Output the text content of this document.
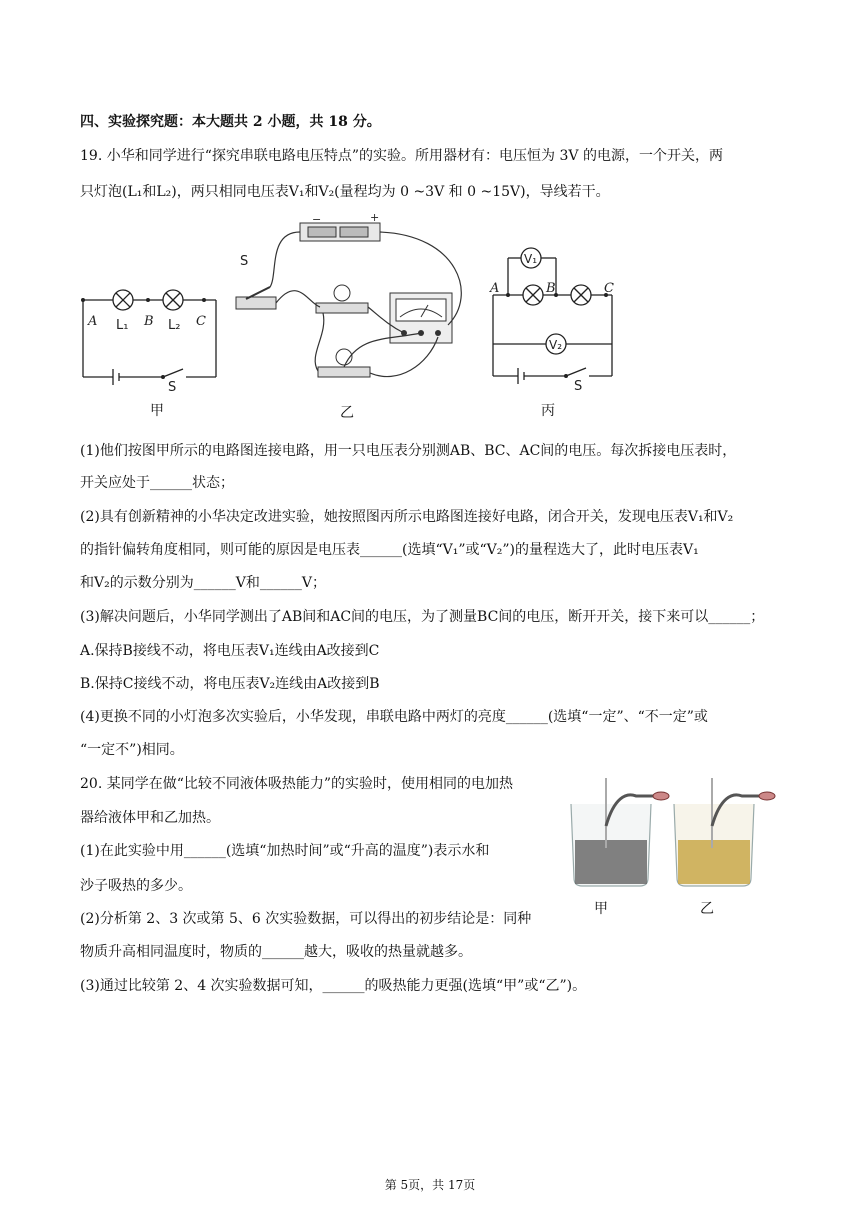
四、实验探究题：本大题共 2 小题，共 18 分。
19. 小华和同学进行“探究串联电路电压特点”的实验。所用器材有：电压恒为 3V 的电源，一个开关，两
只灯泡(L₁和L₂)，两只相同电压表V₁和V₂(量程均为 0 ~3V 和 0 ~15V)，导线若干。
A L₁ B L₂ C
S
甲
−	+
S
乙
V₁
A	B	C
V₂
S
丙
(1)他们按图甲所示的电路图连接电路，用一只电压表分别测AB、BC、AC间的电压。每次拆接电压表时，
开关应处于______状态；
(2)具有创新精神的小华决定改进实验，她按照图丙所示电路图连接好电路，闭合开关，发现电压表V₁和V₂
的指针偏转角度相同，则可能的原因是电压表______(选填“V₁”或“V₂”)的量程选大了，此时电压表V₁
和V₂的示数分别为______V和______V；
(3)解决问题后，小华同学测出了AB间和AC间的电压，为了测量BC间的电压，断开开关，接下来可以______；
A.保持B接线不动，将电压表V₁连线由A改接到C
B.保持C接线不动，将电压表V₂连线由A改接到B
(4)更换不同的小灯泡多次实验后，小华发现，串联电路中两灯的亮度______(选填“一定”、“不一定”或
“一定不”)相同。
20. 某同学在做“比较不同液体吸热能力”的实验时，使用相同的电加热
器给液体甲和乙加热。
(1)在此实验中用______(选填“加热时间”或“升高的温度”)表示水和
沙子吸热的多少。
(2)分析第 2、3 次或第 5、6 次实验数据，可以得出的初步结论是：同种
物质升高相同温度时，物质的______越大，吸收的热量就越多。
(3)通过比较第 2、4 次实验数据可知，______的吸热能力更强(选填“甲”或“乙”)。
甲	乙
第 5页，共 17页
